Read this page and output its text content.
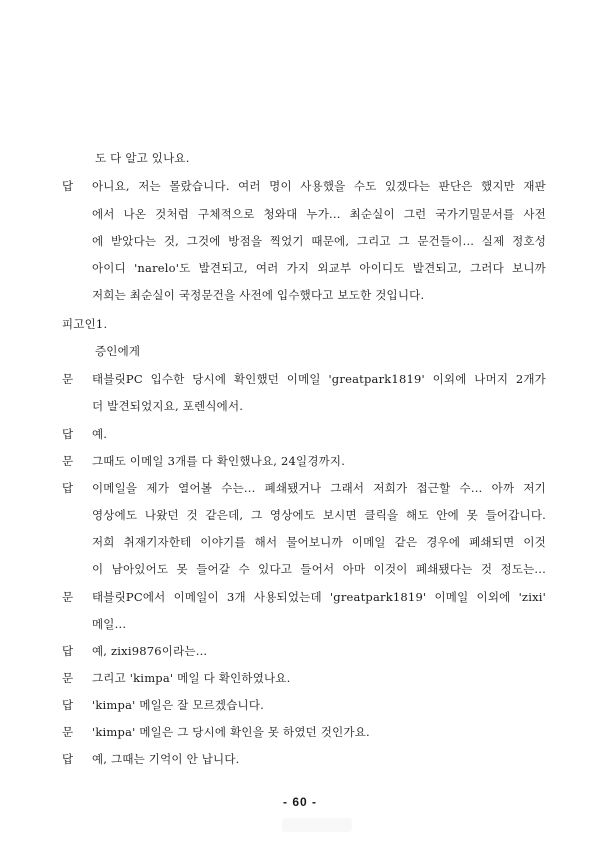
도 다 알고 있나요.
답 아니요, 저는 몰랐습니다. 여러 명이 사용했을 수도 있겠다는 판단은 했지만 재판
에서 나온 것처럼 구체적으로 청와대 누가... 최순실이 그런 국가기밀문서를 사전
에 받았다는 것, 그것에 방점을 찍었기 때문에, 그리고 그 문건들이... 실제 정호성
아이디 'narelo'도 발견되고, 여러 가지 외교부 아이디도 발견되고, 그러다 보니까
저희는 최순실이 국정문건을 사전에 입수했다고 보도한 것입니다.
피고인1.
증인에게
문 태블릿PC 입수한 당시에 확인했던 이메일 'greatpark1819' 이외에 나머지 2개가
더 발견되었지요, 포렌식에서.
답 예.
문 그때도 이메일 3개를 다 확인했나요, 24일경까지.
답 이메일을 제가 열어볼 수는... 폐쇄됐거나 그래서 저희가 접근할 수... 아까 저기
영상에도 나왔던 것 같은데, 그 영상에도 보시면 클릭을 해도 안에 못 들어갑니다.
저희 취재기자한테 이야기를 해서 물어보니까 이메일 같은 경우에 폐쇄되면 이것
이 남아있어도 못 들어갈 수 있다고 들어서 아마 이것이 폐쇄됐다는 것 정도는...
문 태블릿PC에서 이메일이 3개 사용되었는데 'greatpark1819' 이메일 이외에 'zixi'
메일...
답 예, zixi9876이라는...
문 그리고 'kimpa' 메일 다 확인하였나요.
답 'kimpa' 메일은 잘 모르겠습니다.
문 'kimpa' 메일은 그 당시에 확인을 못 하였던 것인가요.
답 예, 그때는 기억이 안 납니다.
- 60 -
